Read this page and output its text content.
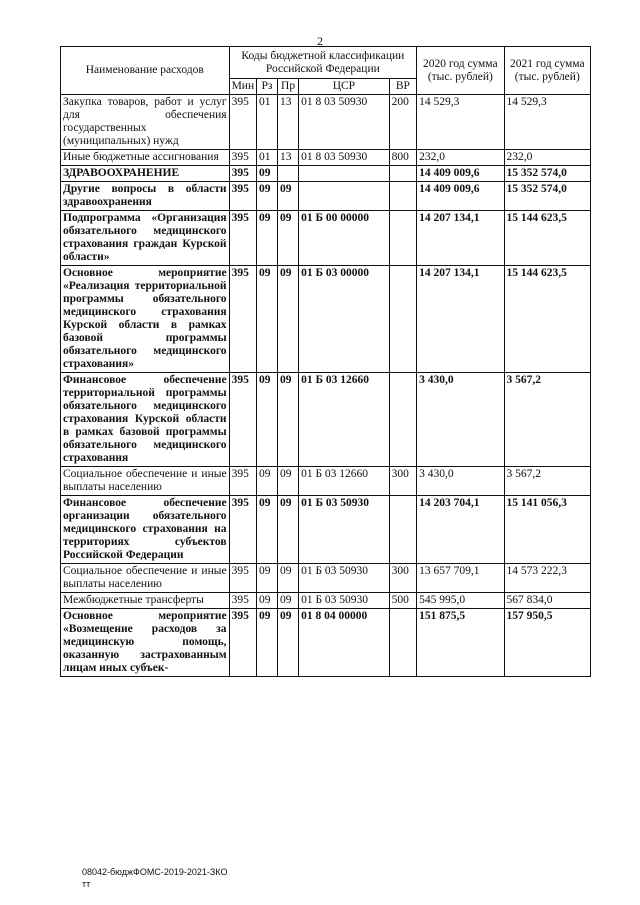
2
Наименование расходов	Коды бюджетной классификации Российской Федерации					2020 год сумма (тыс. рублей)	2021 год сумма (тыс. рублей)
	Мин	Рз	Пр	ЦСР	ВР		
Закупка товаров, работ и услуг для обеспечения государственных (муниципальных) нужд	395	01	13	01 8 03 50930	200	14 529,3	14 529,3
Иные бюджетные ассигнования	395	01	13	01 8 03 50930	800	232,0	232,0
ЗДРАВООХРАНЕНИЕ	395	09				14 409 009,6	15 352 574,0
Другие вопросы в области здравоохранения	395	09	09			14 409 009,6	15 352 574,0
Подпрограмма «Организация обязательного медицинского страхования граждан Курской области»	395	09	09	01 Б 00 00000		14 207 134,1	15 144 623,5
Основное мероприятие «Реализация территориальной программы обязательного медицинского страхования Курской области в рамках базовой программы обязательного медицинского страхования»	395	09	09	01 Б 03 00000		14 207 134,1	15 144 623,5
Финансовое обеспечение территориальной программы обязательного медицинского страхования Курской области в рамках базовой программы обязательного медицинского страхования	395	09	09	01 Б 03 12660		3 430,0	3 567,2
Социальное обеспечение и иные выплаты населению	395	09	09	01 Б 03 12660	300	3 430,0	3 567,2
Финансовое обеспечение организации обязательного медицинского страхования на территориях субъектов Российской Федерации	395	09	09	01 Б 03 50930		14 203 704,1	15 141 056,3
Социальное обеспечение и иные выплаты населению	395	09	09	01 Б 03 50930	300	13 657 709,1	14 573 222,3
Межбюджетные трансферты	395	09	09	01 Б 03 50930	500	545 995,0	567 834,0
Основное мероприятие «Возмещение расходов за медицинскую помощь, оказанную застрахованным лицам иных субъек-	395	09	09	01 8 04 00000		151 875,5	157 950,5
08042-бюджФОМС-2019-2021-ЗКО
тт
